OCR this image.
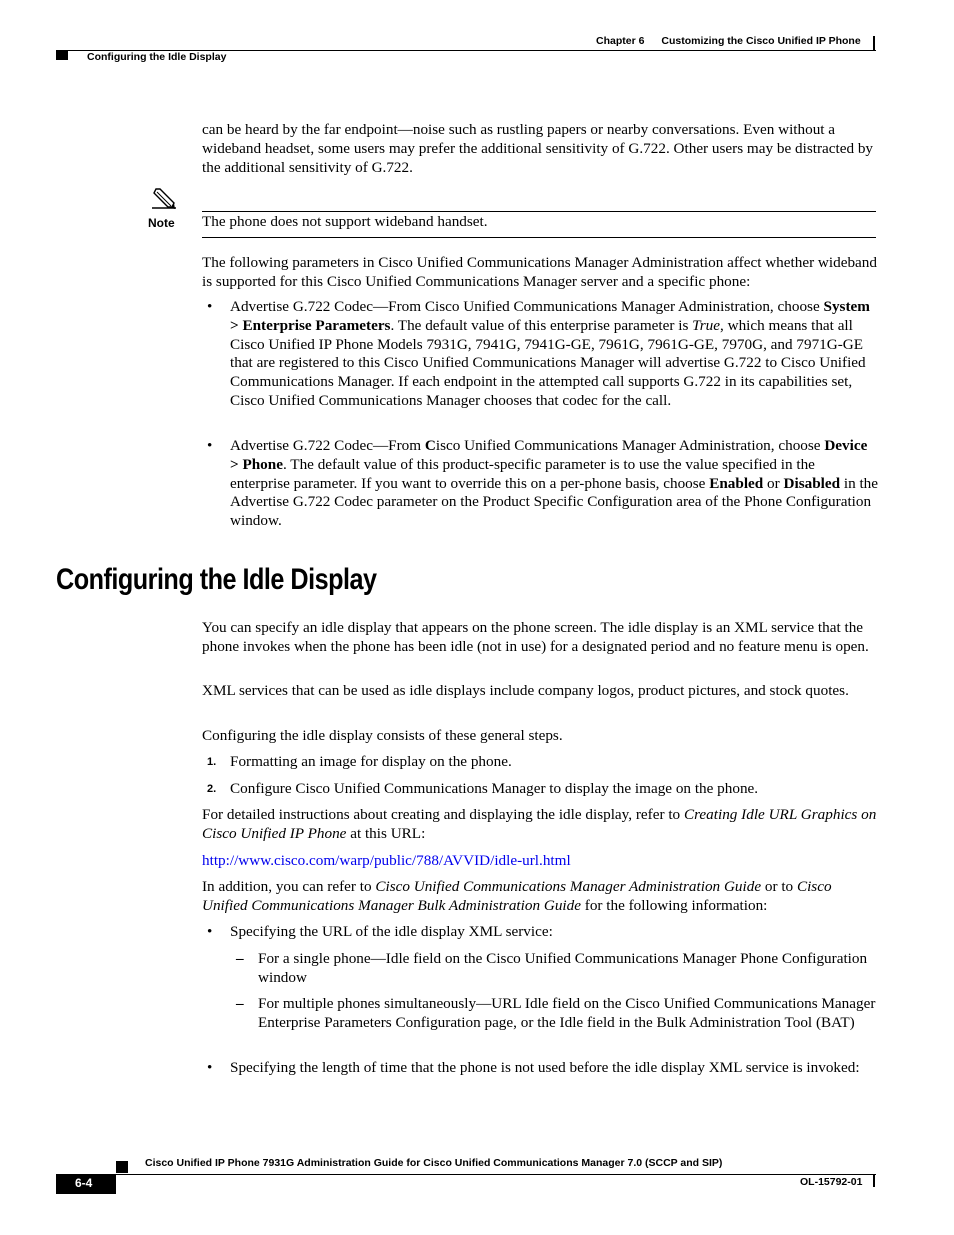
Chapter 6 Customizing the Cisco Unified IP Phone
Configuring the Idle Display
can be heard by the far endpoint—noise such as rustling papers or nearby conversations. Even without a wideband headset, some users may prefer the additional sensitivity of G.722. Other users may be distracted by the additional sensitivity of G.722.
Note The phone does not support wideband handset.
The following parameters in Cisco Unified Communications Manager Administration affect whether wideband is supported for this Cisco Unified Communications Manager server and a specific phone:
• Advertise G.722 Codec—From Cisco Unified Communications Manager Administration, choose System > Enterprise Parameters. The default value of this enterprise parameter is True, which means that all Cisco Unified IP Phone Models 7931G, 7941G, 7941G-GE, 7961G, 7961G-GE, 7970G, and 7971G-GE that are registered to this Cisco Unified Communications Manager will advertise G.722 to Cisco Unified Communications Manager. If each endpoint in the attempted call supports G.722 in its capabilities set, Cisco Unified Communications Manager chooses that codec for the call.
• Advertise G.722 Codec—From Cisco Unified Communications Manager Administration, choose Device > Phone. The default value of this product-specific parameter is to use the value specified in the enterprise parameter. If you want to override this on a per-phone basis, choose Enabled or Disabled in the Advertise G.722 Codec parameter on the Product Specific Configuration area of the Phone Configuration window.
Configuring the Idle Display
You can specify an idle display that appears on the phone screen. The idle display is an XML service that the phone invokes when the phone has been idle (not in use) for a designated period and no feature menu is open.
XML services that can be used as idle displays include company logos, product pictures, and stock quotes.
Configuring the idle display consists of these general steps.
1. Formatting an image for display on the phone.
2. Configure Cisco Unified Communications Manager to display the image on the phone.
For detailed instructions about creating and displaying the idle display, refer to Creating Idle URL Graphics on Cisco Unified IP Phone at this URL:
http://www.cisco.com/warp/public/788/AVVID/idle-url.html
In addition, you can refer to Cisco Unified Communications Manager Administration Guide or to Cisco Unified Communications Manager Bulk Administration Guide for the following information:
• Specifying the URL of the idle display XML service:
– For a single phone—Idle field on the Cisco Unified Communications Manager Phone Configuration window
– For multiple phones simultaneously—URL Idle field on the Cisco Unified Communications Manager Enterprise Parameters Configuration page, or the Idle field in the Bulk Administration Tool (BAT)
• Specifying the length of time that the phone is not used before the idle display XML service is invoked:
Cisco Unified IP Phone 7931G Administration Guide for Cisco Unified Communications Manager 7.0 (SCCP and SIP)
6-4	OL-15792-01
